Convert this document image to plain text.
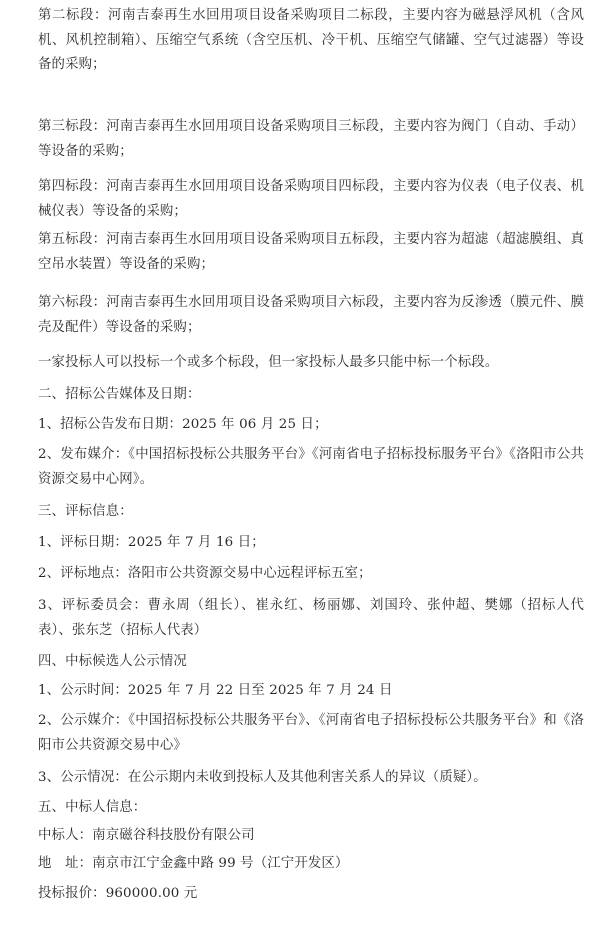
第二标段：河南吉泰再生水回用项目设备采购项目二标段，主要内容为磁悬浮风机（含风机、风机控制箱）、压缩空气系统（含空压机、冷干机、压缩空气储罐、空气过滤器）等设备的采购；
第三标段：河南吉泰再生水回用项目设备采购项目三标段，主要内容为阀门（自动、手动）等设备的采购；
第四标段：河南吉泰再生水回用项目设备采购项目四标段，主要内容为仪表（电子仪表、机械仪表）等设备的采购；
第五标段：河南吉泰再生水回用项目设备采购项目五标段，主要内容为超滤（超滤膜组、真空吊水装置）等设备的采购；
第六标段：河南吉泰再生水回用项目设备采购项目六标段，主要内容为反渗透（膜元件、膜壳及配件）等设备的采购；
一家投标人可以投标一个或多个标段，但一家投标人最多只能中标一个标段。
二、招标公告媒体及日期：
1、招标公告发布日期：2025 年 06 月 25 日；
2、发布媒介：《中国招标投标公共服务平台》《河南省电子招标投标服务平台》《洛阳市公共资源交易中心网》。
三、评标信息：
1、评标日期：2025 年 7 月 16 日；
2、评标地点：洛阳市公共资源交易中心远程评标五室；
3、评标委员会：曹永周（组长）、崔永红、杨丽娜、刘国玲、张仲超、樊娜（招标人代表）、张东芝（招标人代表）
四、中标候选人公示情况
1、公示时间：2025 年 7 月 22 日至 2025 年 7 月 24 日
2、公示媒介：《中国招标投标公共服务平台》、《河南省电子招标投标公共服务平台》和《洛阳市公共资源交易中心》
3、公示情况：在公示期内未收到投标人及其他利害关系人的异议（质疑）。
五、中标人信息：
中标人：南京磁谷科技股份有限公司
地　址：南京市江宁金鑫中路 99 号（江宁开发区）
投标报价：960000.00 元
